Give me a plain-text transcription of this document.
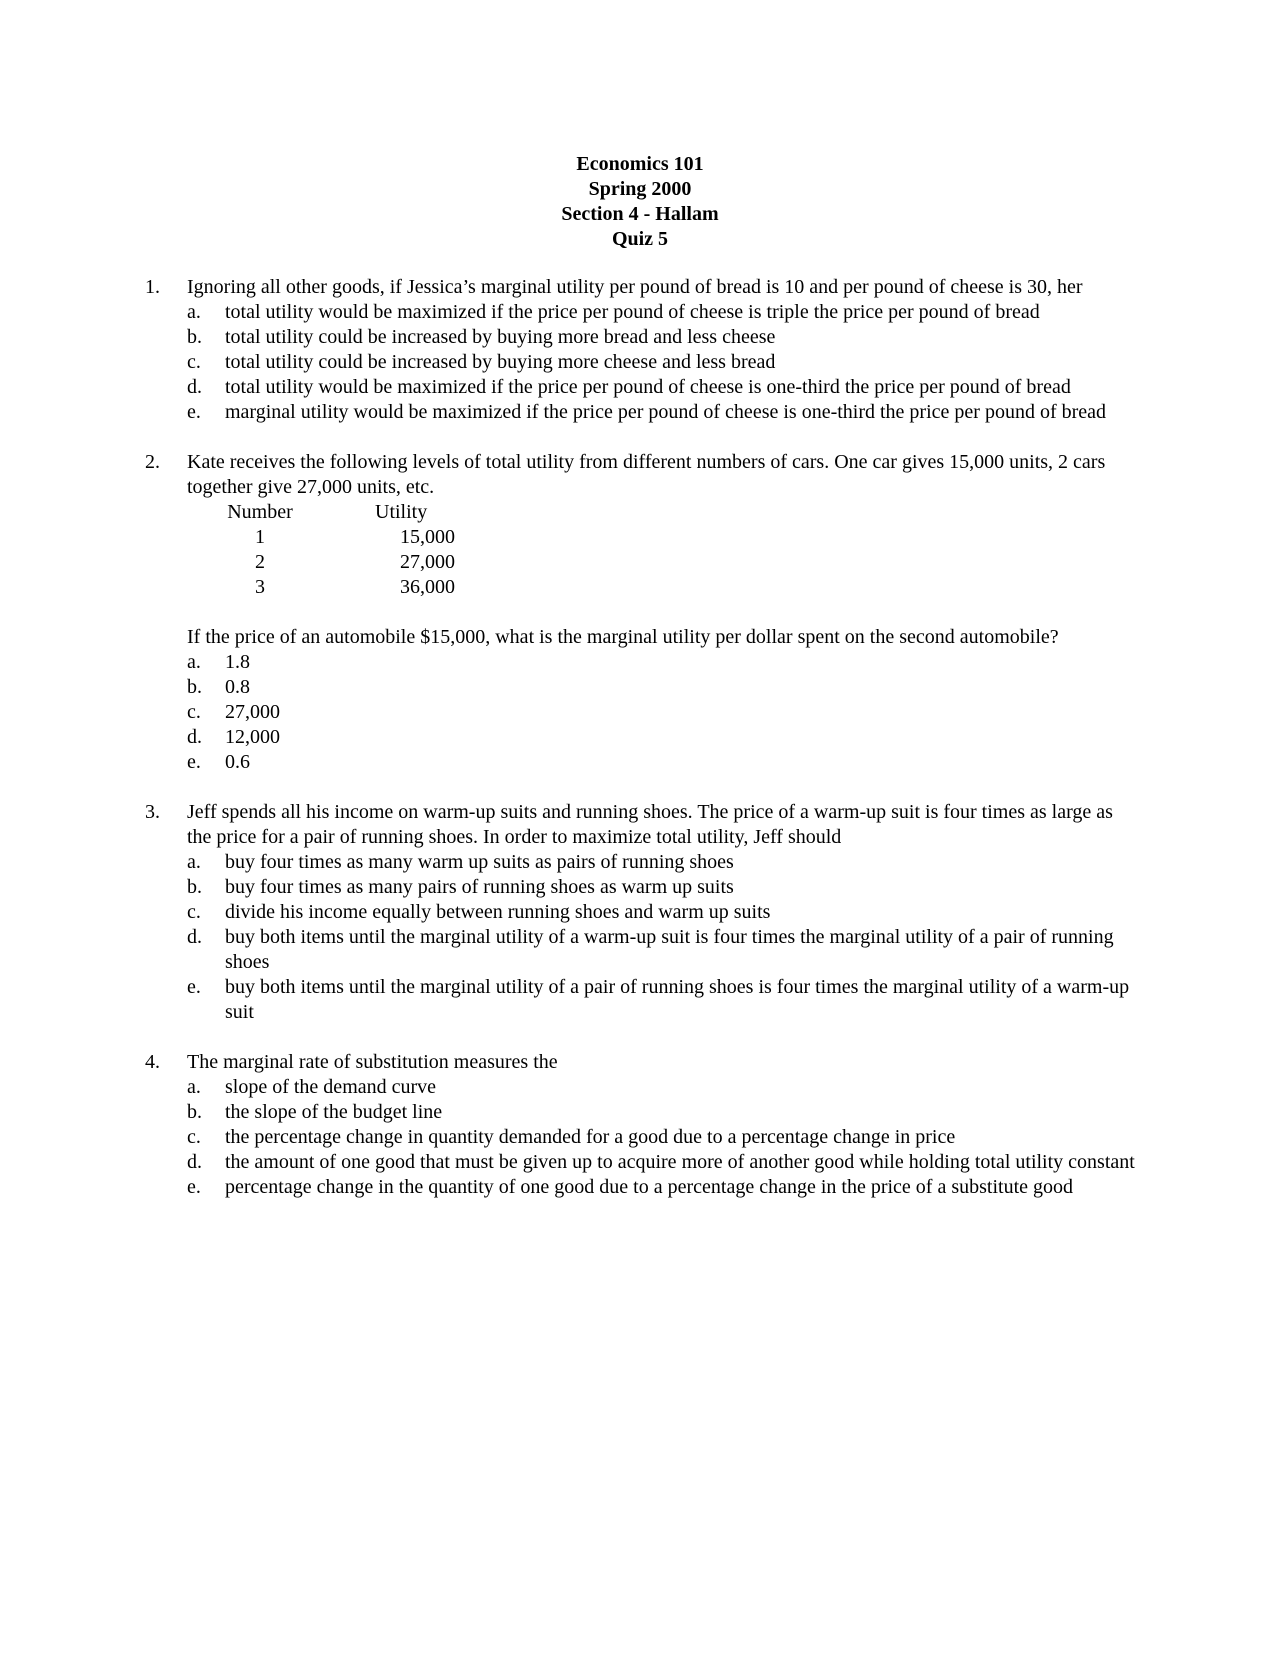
Economics 101
Spring 2000
Section 4 - Hallam
Quiz 5
1.	Ignoring all other goods, if Jessica’s marginal utility per pound of bread is 10 and per pound of cheese is 30, her
a.	total utility would be maximized if the price per pound of cheese is triple the price per pound of bread
b.	total utility could be increased by buying more bread and less cheese
c.	total utility could be increased by buying more cheese and less bread
d.	total utility would be maximized if the price per pound of cheese is one-third the price per pound of bread
e.	marginal utility would be maximized if the price per pound of cheese is one-third the price per pound of bread
2.	Kate receives the following levels of total utility from different numbers of cars. One car gives 15,000 units, 2 cars together give 27,000 units, etc.
Number		Utility
1		15,000
2		27,000
3		36,000
If the price of an automobile $15,000, what is the marginal utility per dollar spent on the second automobile?
a.	1.8
b.	0.8
c.	27,000
d.	12,000
e.	0.6
3.	Jeff spends all his income on warm-up suits and running shoes. The price of a warm-up suit is four times as large as the price for a pair of running shoes. In order to maximize total utility, Jeff should
a.	buy four times as many warm up suits as pairs of running shoes
b.	buy four times as many pairs of running shoes as warm up suits
c.	divide his income equally between running shoes and warm up suits
d.	buy both items until the marginal utility of a warm-up suit is four times the marginal utility of a pair of running shoes
e.	buy both items until the marginal utility of a pair of running shoes is four times the marginal utility of a warm-up suit
4.	The marginal rate of substitution measures the
a.	slope of the demand curve
b.	the slope of the budget line
c.	the percentage change in quantity demanded for a good due to a percentage change in price
d.	the amount of one good that must be given up to acquire more of another good while holding total utility constant
e.	percentage change in the quantity of one good due to a percentage change in the price of a substitute good
